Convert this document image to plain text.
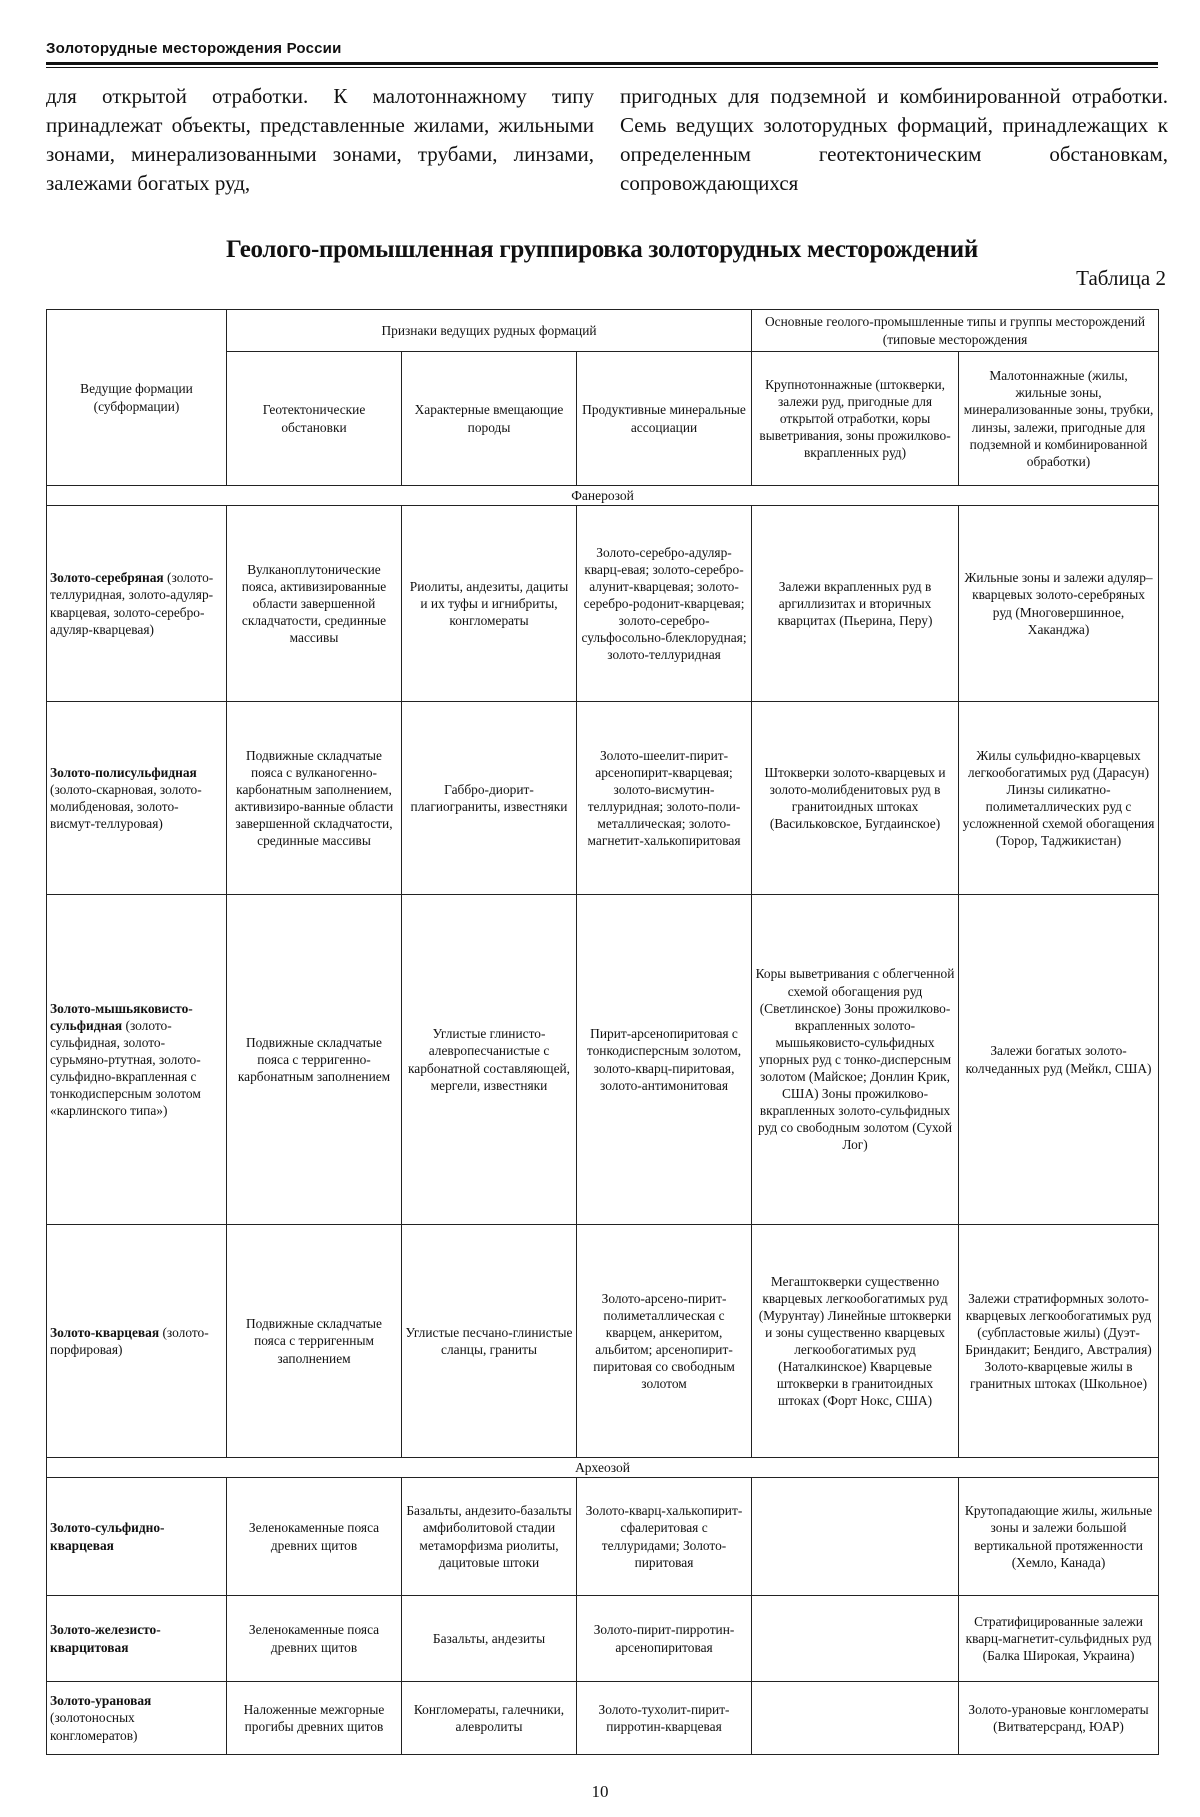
Золоторудные месторождения России
для открытой отработки. К малотоннажному типу принадлежат объекты, представленные жилами, жильными зонами, минерализованными зонами, трубами, линзами, залежами богатых руд,
пригодных для подземной и комбинированной отработки. Семь ведущих золоторудных формаций, принадлежащих к определенным геотектоническим обстановкам, сопровождающихся
Геолого-промышленная группировка золоторудных месторождений
Таблица 2
Ведущие формации (субформации)	Признаки ведущих рудных формаций			Основные геолого-промышленные типы и группы месторождений (типовые месторождения	
	Геотектонические обстановки	Характерные вмещающие породы	Продуктивные минеральные ассоциации	Крупнотоннажные (штокверки, залежи руд, пригодные для открытой отработки, коры выветривания, зоны прожилково-вкрапленных руд)	Малотоннажные (жилы, жильные зоны, минерализованные зоны, трубки, линзы, залежи, пригодные для подземной и комбинированной обработки)
Фанерозой					
Золото-серебряная (золото-теллуридная, золото-адуляр-кварцевая, золото-серебро-адуляр-кварцевая)	Вулканоплутонические пояса, активизированные области завершенной складчатости, срединные массивы	Риолиты, андезиты, дациты и их туфы и игнибриты, конгломераты	Золото-серебро-адуляр-кварц-евая; золото-серебро-алунит-кварцевая; золото-серебро-родонит-кварцевая; золото-серебро-сульфосольно-блеклорудная; золото-теллуридная	Залежи вкрапленных руд в аргиллизитах и вторичных кварцитах (Пьерина, Перу)	Жильные зоны и залежи адуляр–кварцевых золото-серебряных руд (Многовершинное, Хаканджа)
Золото-полисульфидная (золото-скарновая, золото-молибденовая, золото-висмут-теллуровая)	Подвижные складчатые пояса с вулканогенно-карбонатным заполнением, активизиро-ванные области завершенной складчатости, срединные массивы	Габбро-диорит-плагиограниты, известняки	Золото-шеелит-пирит-арсенопирит-кварцевая; золото-висмутин-теллуридная; золото-поли-металлическая; золото-магнетит-халькопиритовая	Штокверки золото-кварцевых и золото-молибденитовых руд в гранитоидных штоках (Васильковское, Бугдаинское)	Жилы сульфидно-кварцевых легкообогатимых руд (Дарасун) Линзы силикатно-полиметаллических руд с усложненной схемой обогащения (Торор, Таджикистан)
Золото-мышьяковисто-сульфидная (золото-сульфидная, золото-сурьмяно-ртутная, золото-сульфидно-вкрапленная с тонкодисперсным золотом «карлинского типа»)	Подвижные складчатые пояса с терригенно-карбонатным заполнением	Углистые глинисто-алевропесчанистые с карбонатной составляющей, мергели, известняки	Пирит-арсенопиритовая с тонкодисперсным золотом, золото-кварц-пиритовая, золото-антимонитовая	Коры выветривания с облегченной схемой обогащения руд (Светлинское) Зоны прожилково-вкрапленных золото-мышьяковисто-сульфидных упорных руд с тонко-дисперсным золотом (Майское; Донлин Крик, США) Зоны прожилково-вкрапленных золото-сульфидных руд со свободным золотом (Сухой Лог)	Залежи богатых золото-колчеданных руд (Мейкл, США)
Золото-кварцевая (золото-порфировая)	Подвижные складчатые пояса с терригенным заполнением	Углистые песчано-глинистые сланцы, граниты	Золото-арсено-пирит-полиметаллическая с кварцем, анкеритом, альбитом; арсенопирит-пиритовая со свободным золотом	Мегаштокверки существенно кварцевых легкообогатимых руд (Мурунтау) Линейные штокверки и зоны существенно кварцевых легкообогатимых руд (Наталкинское) Кварцевые штокверки в гранитоидных штоках (Форт Нокс, США)	Залежи стратиформных золото-кварцевых легкообогатимых руд (субпластовые жилы) (Дуэт-Бриндакит; Бендиго, Австралия) Золото-кварцевые жилы в гранитных штоках (Школьное)
Археозой					
Золото-сульфидно-кварцевая	Зеленокаменные пояса древних щитов	Базальты, андезито-базальты амфиболитовой стадии метаморфизма риолиты, дацитовые штоки	Золото-кварц-халькопирит-сфалеритовая с теллуридами; Золото-пиритовая		Крутопадающие жилы, жильные зоны и залежи большой вертикальной протяженности (Хемло, Канада)
Золото-железисто-кварцитовая	Зеленокаменные пояса древних щитов	Базальты, андезиты	Золото-пирит-пирротин-арсенопиритовая		Стратифицированные залежи кварц-магнетит-сульфидных руд (Балка Широкая, Украина)
Золото-урановая (золотоносных конгломератов)	Наложенные межгорные прогибы древних щитов	Конгломераты, галечники, алевролиты	Золото-тухолит-пирит-пирротин-кварцевая		Золото-урановые конгломераты (Витватерсранд, ЮАР)
10
